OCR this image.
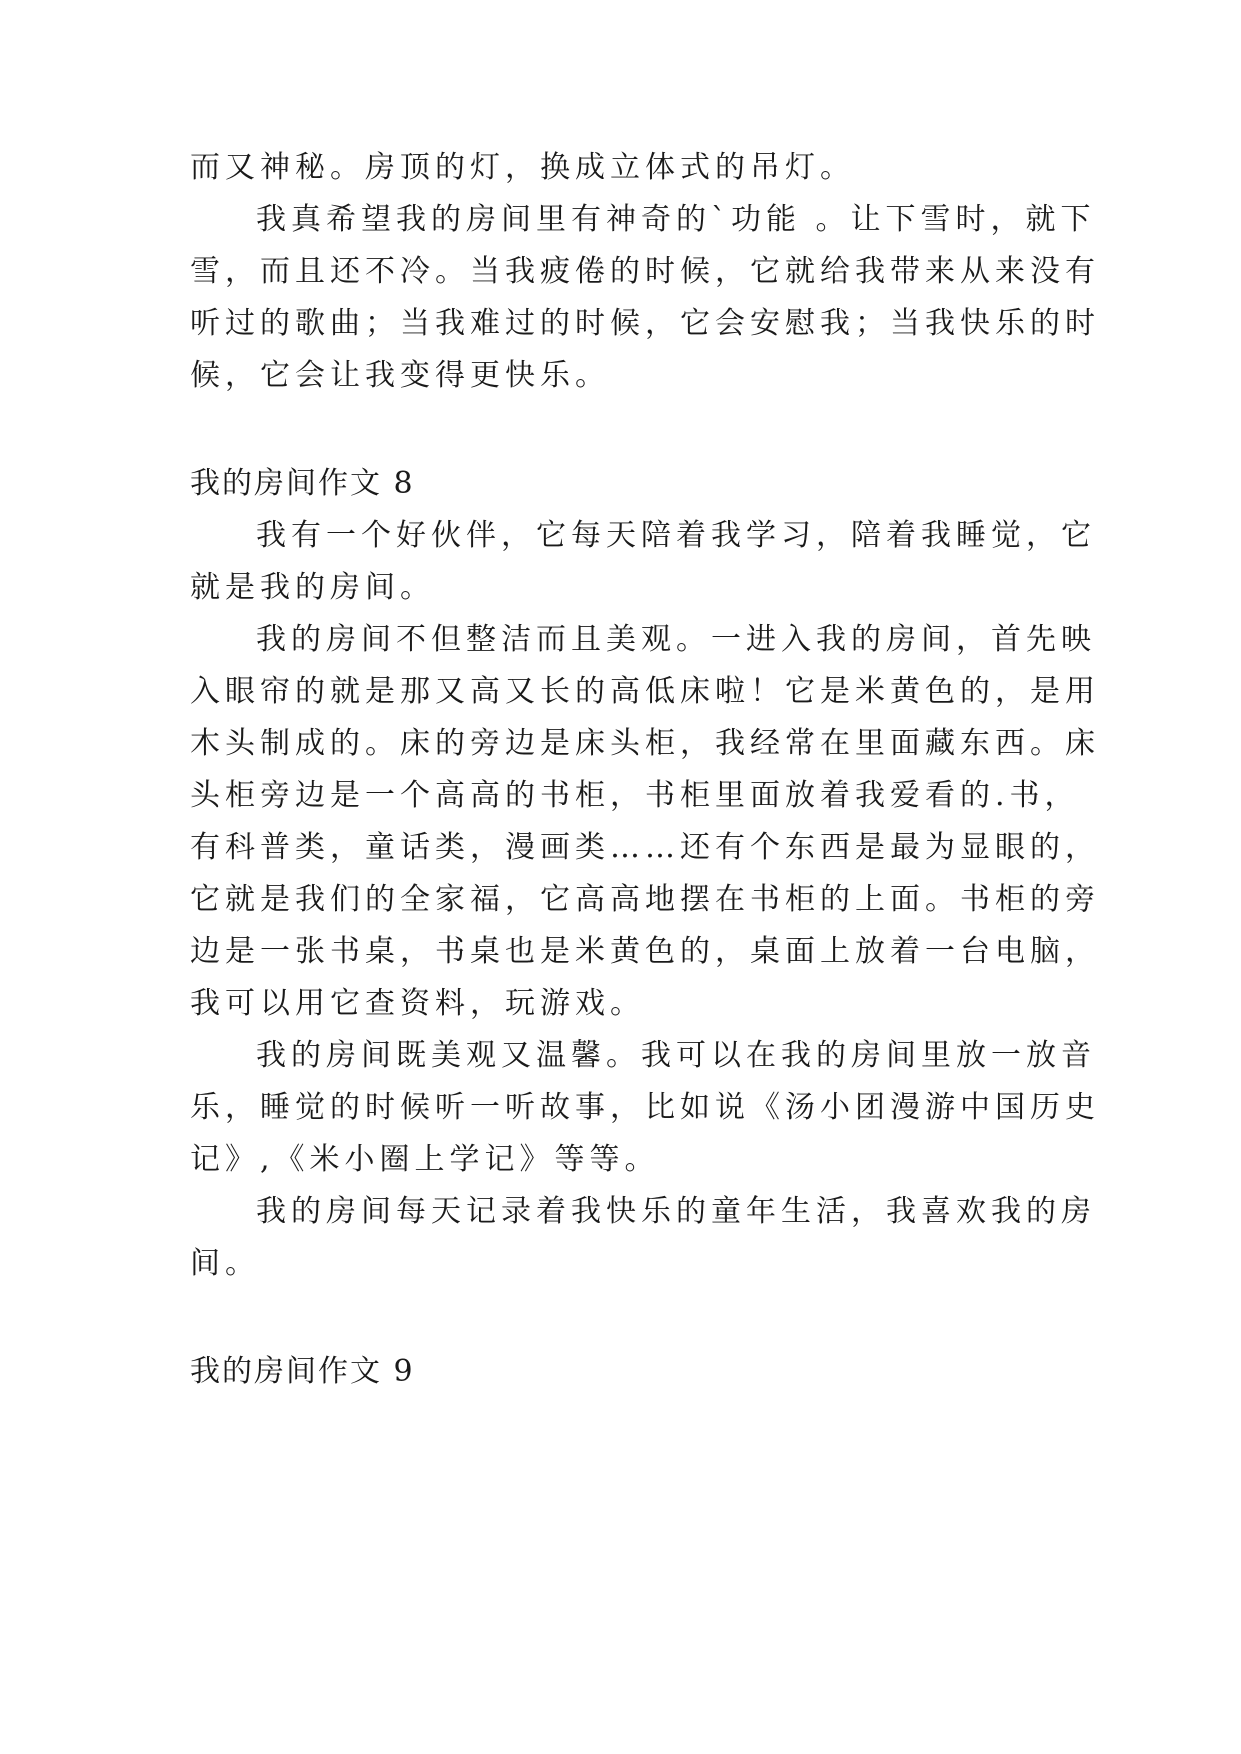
而又神秘。房顶的灯，换成立体式的吊灯。

我真希望我的房间里有神奇的`功能 。让下雪时，就下

雪，而且还不冷。当我疲倦的时候，它就给我带来从来没有

听过的歌曲；当我难过的时候，它会安慰我；当我快乐的时

候，它会让我变得更快乐。

我的房间作文 8

我有一个好伙伴，它每天陪着我学习，陪着我睡觉，它

就是我的房间。

我的房间不但整洁而且美观。一进入我的房间，首先映

入眼帘的就是那又高又长的高低床啦！它是米黄色的，是用

木头制成的。床的旁边是床头柜，我经常在里面藏东西。床

头柜旁边是一个高高的书柜，书柜里面放着我爱看的.书，

有科普类，童话类，漫画类……还有个东西是最为显眼的，

它就是我们的全家福，它高高地摆在书柜的上面。书柜的旁

边是一张书桌，书桌也是米黄色的，桌面上放着一台电脑，

我可以用它查资料，玩游戏。

我的房间既美观又温馨。我可以在我的房间里放一放音

乐，睡觉的时候听一听故事，比如说《汤小团漫游中国历史

记》,《米小圈上学记》等等。

我的房间每天记录着我快乐的童年生活，我喜欢我的房

间。

我的房间作文 9
